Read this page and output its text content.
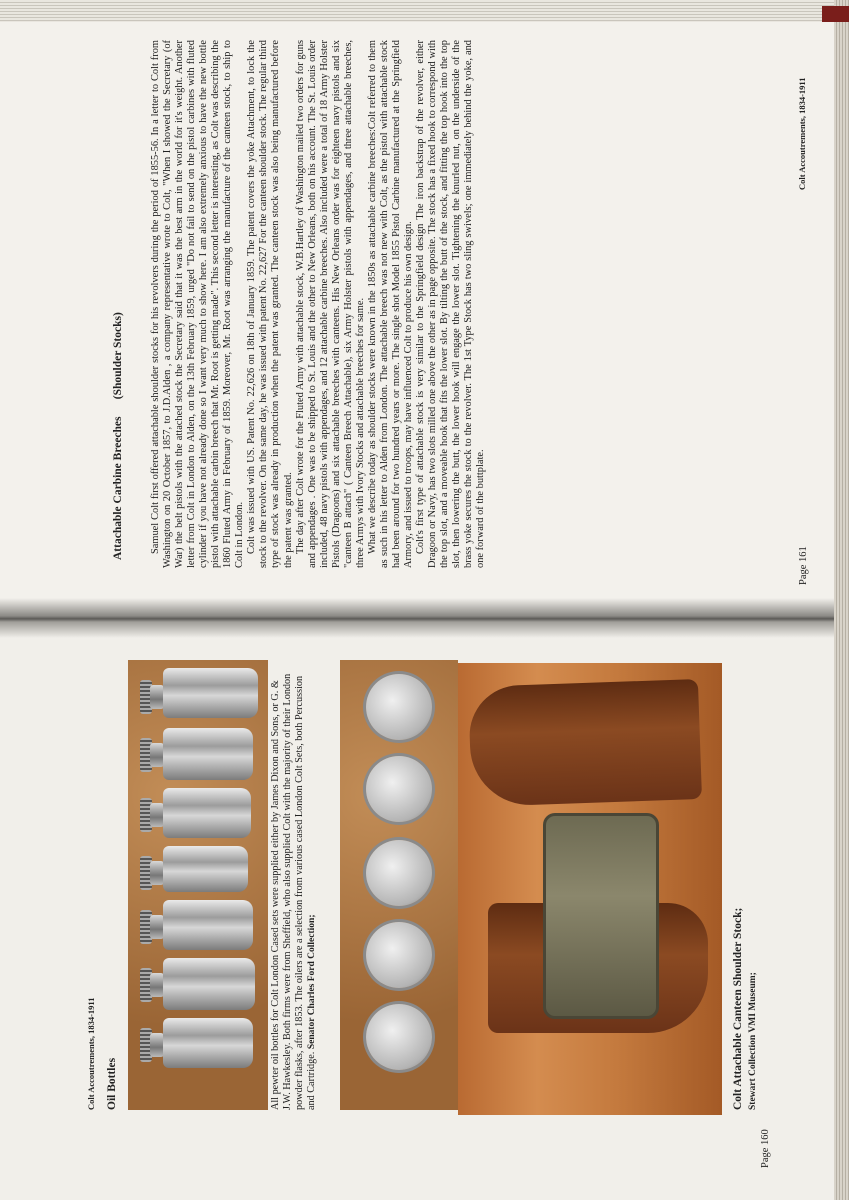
Colt Accoutrements, 1834-1911
Page 161
Attachable Carbine Breeches      (Shoulder Stocks)	Samuel Colt first offered attachable shoulder stocks for his revolvers during the period of 1855-56. In a letter to Colt from Washington on 20 October 1857, to J.D.Alden , a company representative wrote to Colt, "When I showed the Secretary (of War) the belt pistols with the attached stock the Secretary said that it was the best arm in the world for it's weight. Another letter from Colt in London to Alden, on the 13th February 1859, urged "Do not fail to send on the pistol carbines with fluted cylinder if you have not already done so I want very much to show here. I am also extremely anxious to have the new bottle pistol with attachable carbin breech that Mr. Root is getting made". This second letter is interesting, as Colt was describing the 1860 Fluted Army in February of 1859. Moreover, Mr. Root was arranging the manufacture of the canteen stock, to ship to Colt in London. Colt was issued with US. Patent No. 22,626 on 18th of January 1859. The patent covers the yoke Attachment, to lock the stock to the revolver. On the same day, he was issued with patent No. 22,627 For the canteen shoulder stock. The regular third type of stock was already in production when the patent was granted. The canteen stock was also being manufactured before the patent was granted. The day after Colt wrote for the Fluted Army with attachable stock, W.B.Hartley of Washington mailed two orders for guns and appendages . One was to be shipped to St. Louis and the other to New Orleans, both on his account. The St. Louis order included, 48 navy pistols with appendages, and 12 attachable carbine breeches. Also included were a total of 18 Army Holster Pistols (Dragoons) and six attachable breeches with canteens. His New Orleans order was for eighteen navy pistols and six "canteen B attach" ( Canteen Breech Attachable), six Army Holster pistols with appendages, and three attachable breeches, three Armys with Ivory Stocks and attachable breeches for same. What we describe today as shoulder stocks were known in the 1850s as attachable carbine breeches:Colt referred to them as such in his letter to Alden from London. The attachable breech was not new with Colt, as the pistol with attachable stock had been around for two hundred years or more. The single shot Model 1855 Pistol Carbine manufactured at the Springfield Armory, and issued to troops, may have influenced Colt to produce his own design. Colt's first type of attachable stock is very similar to the Springfield design The iron backstrap of the revolver, either Dragoon or Navy, has two slots milled one above the other as in page opposite. The stock has a fixed hook to correspond with the top slot, and a moveable hook that fits the lower slot. By tilting the butt of the stock, and fitting the top hook into the top slot, then lowering the butt, the lower hook will engage the lower slot. Tightening the knurled nut, on the underside of the brass yoke secures the stock to the revolver. The 1st Type Stock has two sling swivels; one immediately behind the yoke, and one forward of the buttplate.

Colt Accoutrements, 1834-1911 Oil Bottles	All pewter oil bottles for Colt London Cased sets were supplied either by James Dixon and Sons, or G. & J.W. Hawkesley. Both firms were from Sheffield, who also supplied Colt with the majority of their London powder flasks, after 1853. The oilers are a selection from various cased London Colt Sets, both Percussion and Cartridge. Senator Charles Ford Collection;	Colt Attachable Canteen Shoulder Stock; Stewart Collection VMI Museum;
Page 160
